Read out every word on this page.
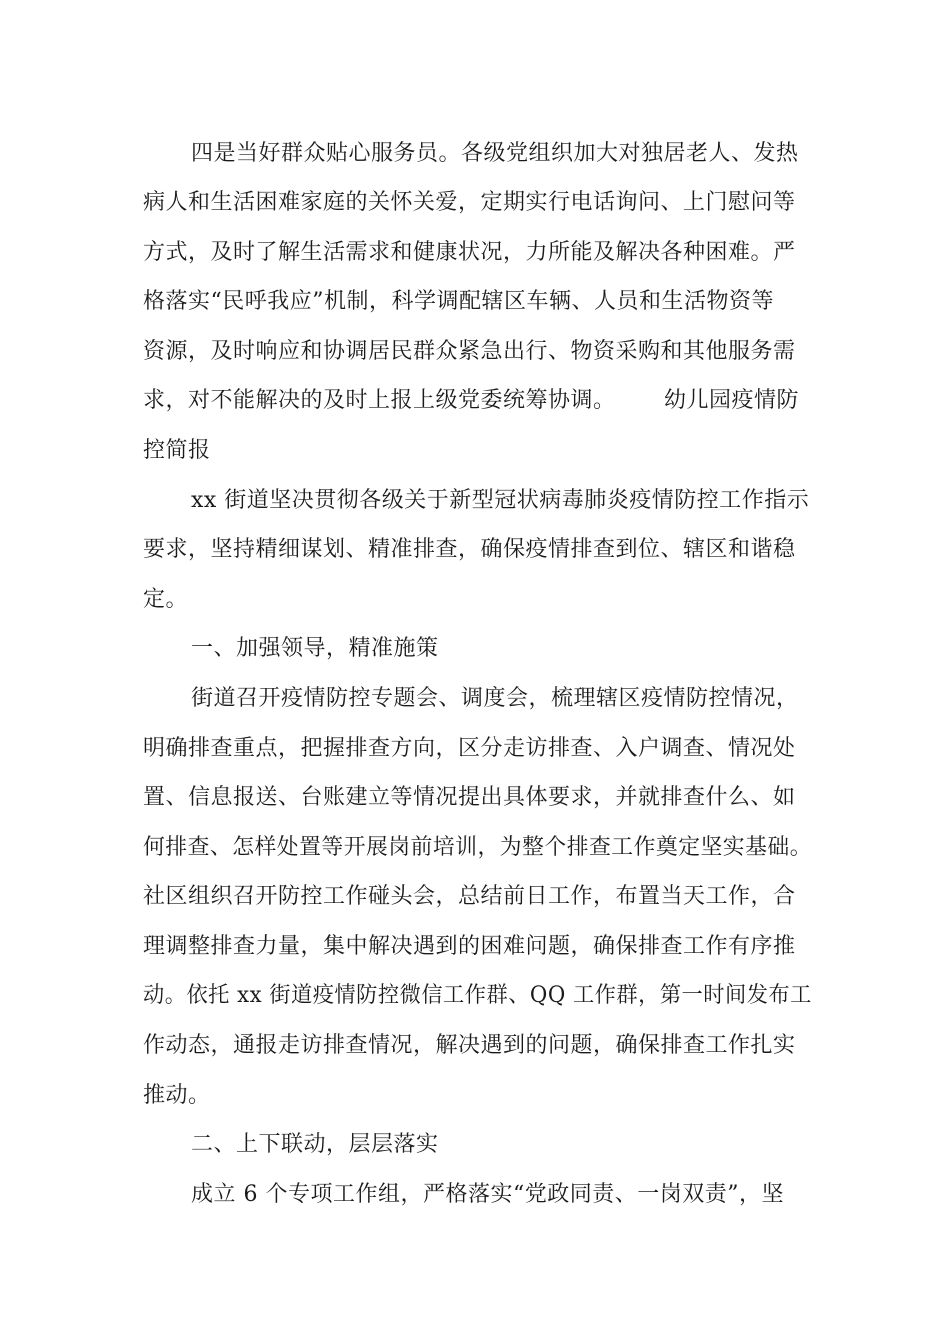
四是当好群众贴心服务员。各级党组织加大对独居老人、发热
病人和生活困难家庭的关怀关爱，定期实行电话询问、上门慰问等
方式，及时了解生活需求和健康状况，力所能及解决各种困难。严
格落实“民呼我应”机制，科学调配辖区车辆、人员和生活物资等
资源，及时响应和协调居民群众紧急出行、物资采购和其他服务需
求，对不能解决的及时上报上级党委统筹协调。 幼儿园疫情防
控简报
xx 街道坚决贯彻各级关于新型冠状病毒肺炎疫情防控工作指示
要求，坚持精细谋划、精准排查，确保疫情排查到位、辖区和谐稳
定。
一、加强领导，精准施策
街道召开疫情防控专题会、调度会，梳理辖区疫情防控情况，
明确排查重点，把握排查方向，区分走访排查、入户调查、情况处
置、信息报送、台账建立等情况提出具体要求，并就排查什么、如
何排查、怎样处置等开展岗前培训，为整个排查工作奠定坚实基础。
社区组织召开防控工作碰头会，总结前日工作，布置当天工作，合
理调整排查力量，集中解决遇到的困难问题，确保排查工作有序推
动。依托 xx 街道疫情防控微信工作群、QQ 工作群，第一时间发布工
作动态，通报走访排查情况，解决遇到的问题，确保排查工作扎实
推动。
二、上下联动，层层落实
成立 6 个专项工作组，严格落实“党政同责、一岗双责”，坚
